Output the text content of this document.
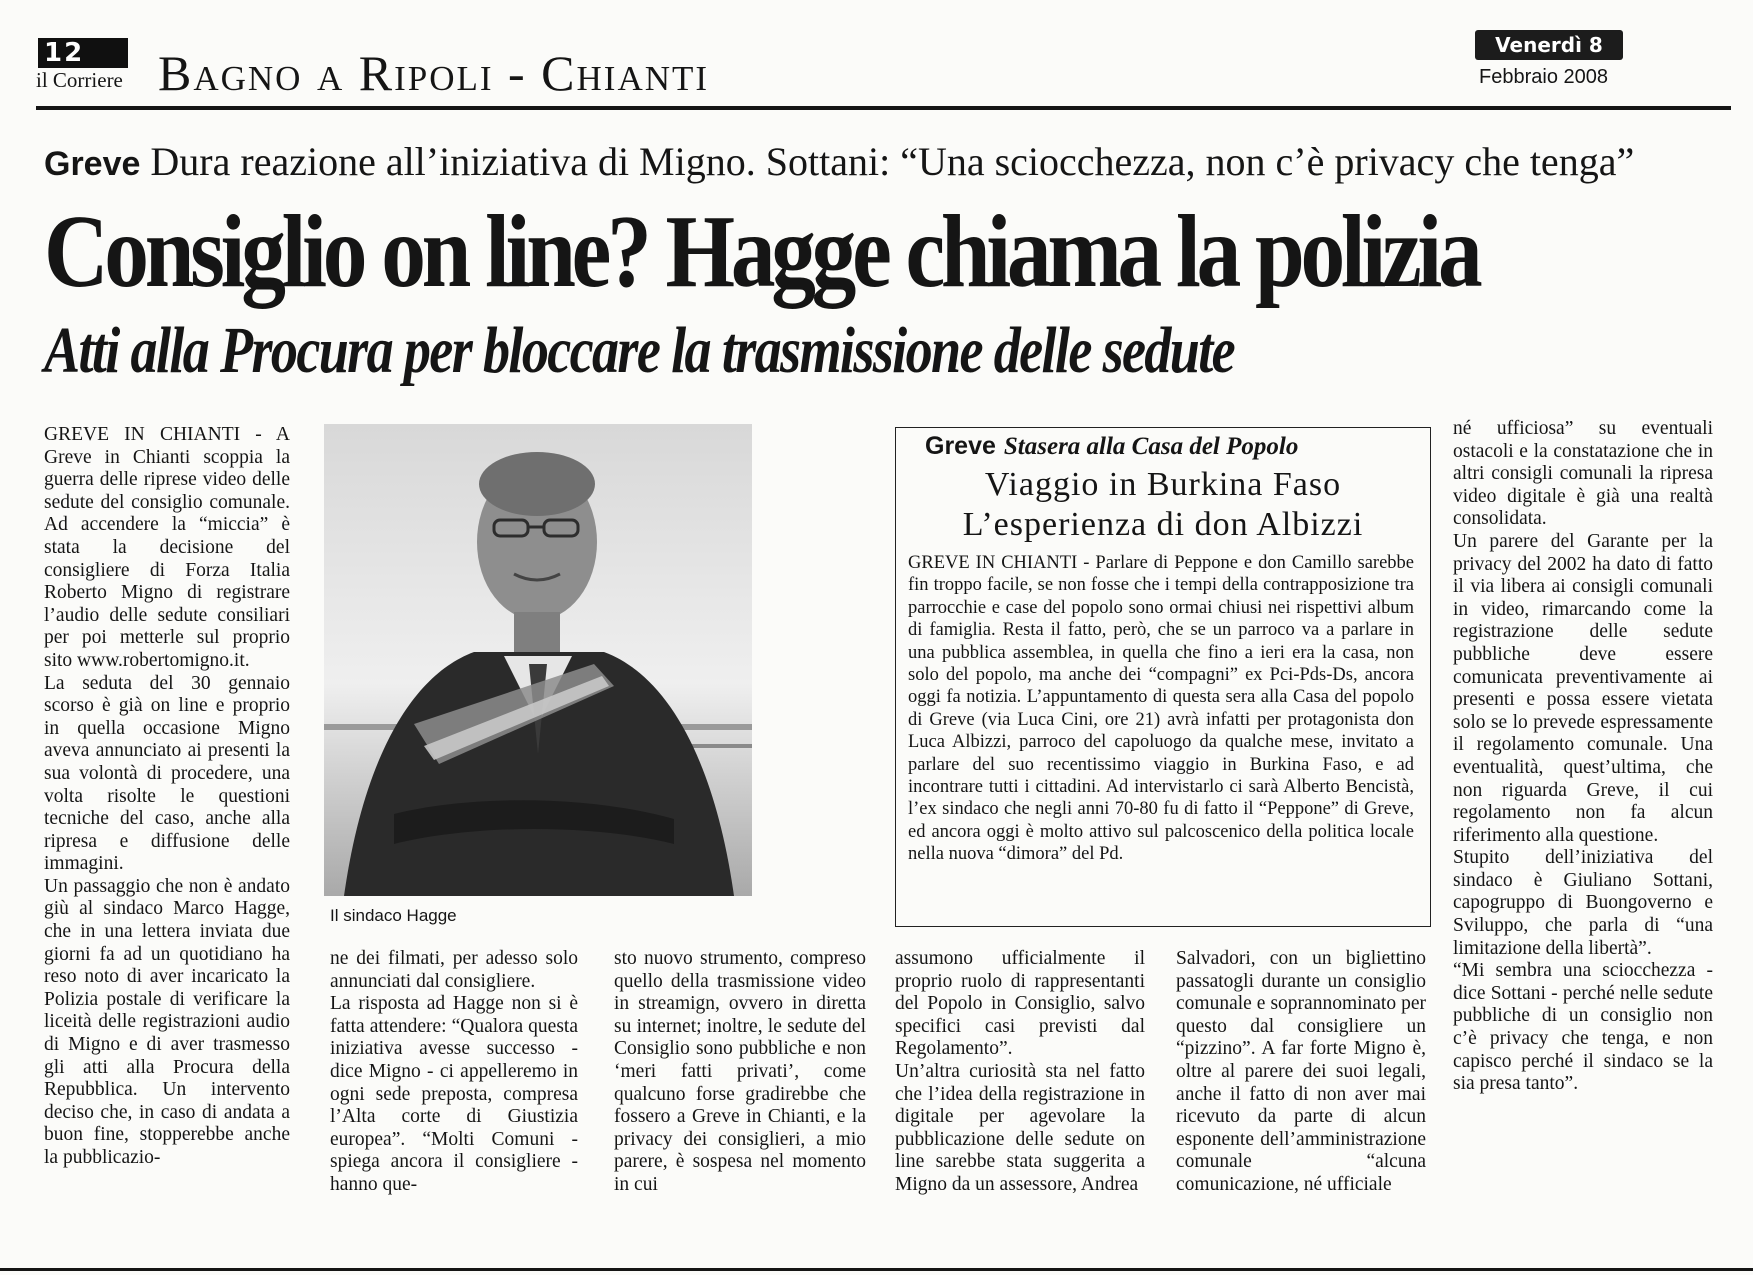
12
il Corriere Bagno a Ripoli - Chianti	Venerdì 8
Febbraio 2008
Greve Dura reazione all’iniziativa di Migno. Sottani: “Una sciocchezza, non c’è privacy che tenga”
Consiglio on line? Hagge chiama la polizia
Atti alla Procura per bloccare la trasmissione delle sedute

GREVE IN CHIANTI - A Greve in Chianti scoppia la guerra delle riprese video delle sedute del consiglio comunale. Ad accendere la “miccia” è stata la decisione del consigliere di Forza Italia Roberto Migno di registrare l’audio delle sedute consiliari per poi metterle sul proprio sito www.robertomigno.it.

La seduta del 30 gennaio scorso è già on line e proprio in quella occasione Migno aveva annunciato ai presenti la sua volontà di procedere, una volta risolte le questioni tecniche del caso, anche alla ripresa e diffusione delle immagini.

Un passaggio che non è andato giù al sindaco Marco Hagge, che in una lettera inviata due giorni fa ad un quotidiano ha reso noto di aver incaricato la Polizia postale di verificare la liceità delle registrazioni audio di Migno e di aver trasmesso gli atti alla Procura della Repubblica. Un intervento deciso che, in caso di andata a buon fine, stopperebbe anche la pubblicazio-

Il sindaco Hagge
Greve Stasera alla Casa del Popolo
Viaggio in Burkina Faso
L’esperienza di don Albizzi

GREVE IN CHIANTI - Parlare di Peppone e don Camillo sarebbe fin troppo facile, se non fosse che i tempi della contrapposizione tra parrocchie e case del popolo sono ormai chiusi nei rispettivi album di famiglia. Resta il fatto, però, che se un parroco va a parlare in una pubblica assemblea, in quella che fino a ieri era la casa, non solo del popolo, ma anche dei “compagni” ex Pci-Pds-Ds, ancora oggi fa notizia. L’appuntamento di questa sera alla Casa del popolo di Greve (via Luca Cini, ore 21) avrà infatti per protagonista don Luca Albizzi, parroco del capoluogo da qualche mese, invitato a parlare del suo recentissimo viaggio in Burkina Faso, e ad incontrare tutti i cittadini. Ad intervistarlo ci sarà Alberto Bencistà, l’ex sindaco che negli anni 70-80 fu di fatto il “Peppone” di Greve, ed ancora oggi è molto attivo sul palcoscenico della politica locale nella nuova “dimora” del Pd.

ne dei filmati, per adesso solo annunciati dal consigliere.

La risposta ad Hagge non si è fatta attendere: “Qualora questa iniziativa avesse successo - dice Migno - ci appelleremo in ogni sede preposta, compresa l’Alta corte di Giustizia europea”. “Molti Comuni - spiega ancora il consigliere - hanno que-

sto nuovo strumento, compreso quello della trasmissione video in streamign, ovvero in diretta su internet; inoltre, le sedute del Consiglio sono pubbliche e non ‘meri fatti privati’, come qualcuno forse gradirebbe che fossero a Greve in Chianti, e la privacy dei consiglieri, a mio parere, è sospesa nel momento in cui

assumono ufficialmente il proprio ruolo di rappresentanti del Popolo in Consiglio, salvo specifici casi previsti dal Regolamento”.

Un’altra curiosità sta nel fatto che l’idea della registrazione in digitale per agevolare la pubblicazione delle sedute on line sarebbe stata suggerita a Migno da un assessore, Andrea

Salvadori, con un bigliettino passatogli durante un consiglio comunale e soprannominato per questo dal consigliere un “pizzino”. A far forte Migno è, oltre al parere dei suoi legali, anche il fatto di non aver mai ricevuto da parte di alcun esponente dell’amministrazione comunale “alcuna comunicazione, né ufficiale

né ufficiosa” su eventuali ostacoli e la constatazione che in altri consigli comunali la ripresa video digitale è già una realtà consolidata.

Un parere del Garante per la privacy del 2002 ha dato di fatto il via libera ai consigli comunali in video, rimarcando come la registrazione delle sedute pubbliche deve essere comunicata preventivamente ai presenti e possa essere vietata solo se lo prevede espressamente il regolamento comunale. Una eventualità, quest’ultima, che non riguarda Greve, il cui regolamento non fa alcun riferimento alla questione.

Stupito dell’iniziativa del sindaco è Giuliano Sottani, capogruppo di Buongoverno e Sviluppo, che parla di “una limitazione della libertà”.

“Mi sembra una sciocchezza - dice Sottani - perché nelle sedute pubbliche di un consiglio non c’è privacy che tenga, e non capisco perché il sindaco se la sia presa tanto”.
